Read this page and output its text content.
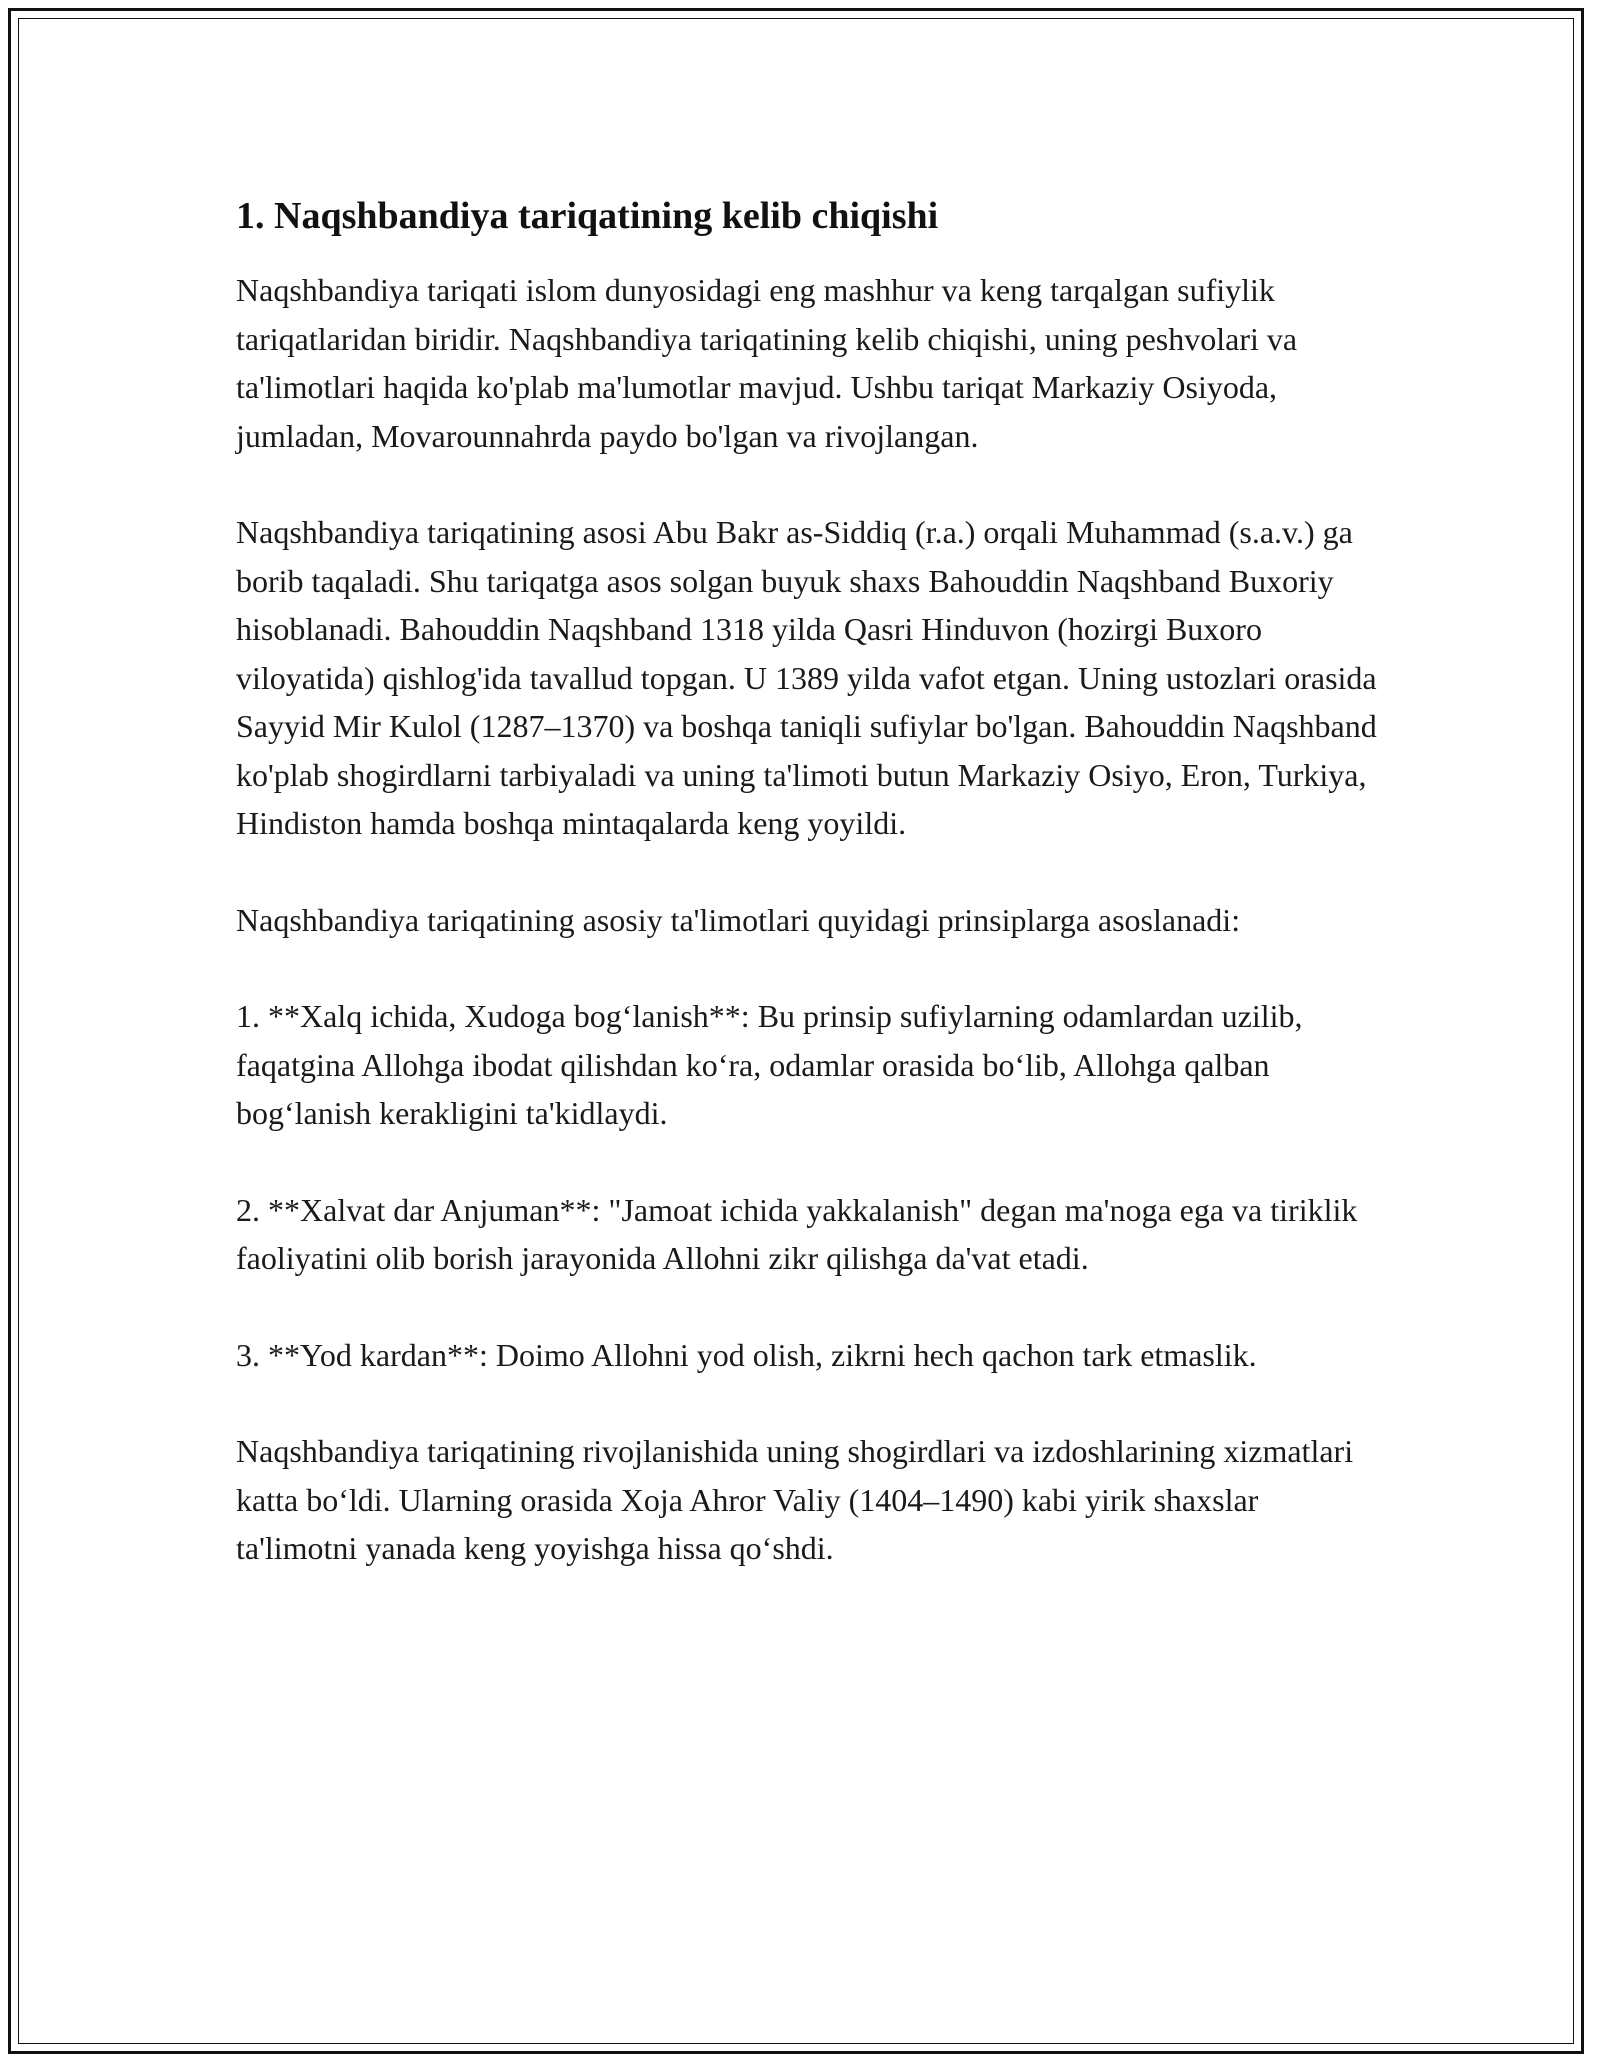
1. Naqshbandiya tariqatining kelib chiqishi

Naqshbandiya tariqati islom dunyosidagi eng mashhur va keng tarqalgan sufiylik tariqatlaridan biridir. Naqshbandiya tariqatining kelib chiqishi, uning peshvolari va ta'limotlari haqida ko'plab ma'lumotlar mavjud. Ushbu tariqat Markaziy Osiyoda, jumladan, Movarounnahrda paydo bo'lgan va rivojlangan.

Naqshbandiya tariqatining asosi Abu Bakr as-Siddiq (r.a.) orqali Muhammad (s.a.v.) ga borib taqaladi. Shu tariqatga asos solgan buyuk shaxs Bahouddin Naqshband Buxoriy hisoblanadi. Bahouddin Naqshband 1318 yilda Qasri Hinduvon (hozirgi Buxoro viloyatida) qishlog'ida tavallud topgan. U 1389 yilda vafot etgan. Uning ustozlari orasida Sayyid Mir Kulol (1287–1370) va boshqa taniqli sufiylar bo'lgan. Bahouddin Naqshband ko'plab shogirdlarni tarbiyaladi va uning ta'limoti butun Markaziy Osiyo, Eron, Turkiya, Hindiston hamda boshqa mintaqalarda keng yoyildi.

Naqshbandiya tariqatining asosiy ta'limotlari quyidagi prinsiplarga asoslanadi:

1. **Xalq ichida, Xudoga bog‘lanish**: Bu prinsip sufiylarning odamlardan uzilib, faqatgina Allohga ibodat qilishdan ko‘ra, odamlar orasida bo‘lib, Allohga qalban bog‘lanish kerakligini ta'kidlaydi.

2. **Xalvat dar Anjuman**: "Jamoat ichida yakkalanish" degan ma'noga ega va tiriklik faoliyatini olib borish jarayonida Allohni zikr qilishga da'vat etadi.

3. **Yod kardan**: Doimo Allohni yod olish, zikrni hech qachon tark etmaslik.

Naqshbandiya tariqatining rivojlanishida uning shogirdlari va izdoshlarining xizmatlari katta bo‘ldi. Ularning orasida Xoja Ahror Valiy (1404–1490) kabi yirik shaxslar ta'limotni yanada keng yoyishga hissa qo‘shdi.
